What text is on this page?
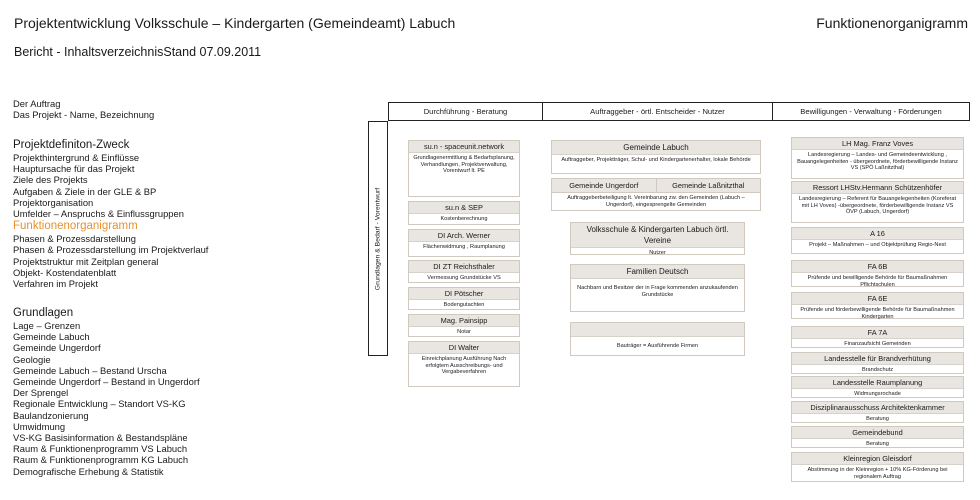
Projektentwicklung Volksschule – Kindergarten (Gemeindeamt) Labuch	Funktionenorganigramm
Bericht - InhaltsverzeichnisStand 07.09.2011
Der Auftrag
Das Projekt - Name, Bezeichnung
Projektdefiniton-Zweck
Projekthintergrund & Einflüsse
Hauptursache für das Projekt
Ziele des Projekts
Aufgaben & Ziele in der GLE & BP
Projektorganisation
Umfelder – Anspruchs & Einflussgruppen
Funktionenorganigramm
Phasen & Prozessdarstellung
Phasen & Prozessdarstellung im Projektverlauf
Projektstruktur mit Zeitplan general
Objekt- Kostendatenblatt
Verfahren im Projekt
Grundlagen
Lage – Grenzen
Gemeinde Labuch
Gemeinde Ungerdorf
Geologie
Gemeinde Labuch – Bestand Urscha
Gemeinde Ungerdorf – Bestand in Ungerdorf
Der Sprengel
Regionale Entwicklung – Standort VS-KG
Baulandzonierung
Umwidmung
VS-KG Basisinformation & Bestandspläne
Raum & Funktionenprogramm VS Labuch
Raum & Funktionenprogramm KG Labuch
Demografische Erhebung & Statistik
Durchführung - Beratung	Auftraggeber - örtl. Entscheider - Nutzer	Bewilligungen - Verwaltung - Förderungen
Grundlagen & Bedarf - Vorentwurf
su.n - spaceunit.network
Grundlagenermittlung & Bedarfsplanung, Verhandlungen, Projektverwaltung, Vorentwurf lt. PE
su.n & SEP
Kostenberechnung
DI Arch. Werner
Flächenwidmung , Raumplanung
DI ZT Reichsthaler
Vermessung Grundstücke VS
DI Pötscher
Bodengutachten
Mag. Painsipp
Notar
DI Walter
Einreichplanung Ausführung Nach erfolgtem Ausschreibungs- und Vergabeverfahren
Gemeinde Labuch
Auftraggeber, Projektträger, Schul- und Kindergartenerhalter, lokale Behörde
Gemeinde Ungerdorf	Gemeinde Laßnitzthal
Auftraggeberbeteiligung lt. Vereinbarung zw. den Gemeinden (Labuch – Ungerdorf), eingesprengelte Gemeinden
Volksschule & Kindergarten Labuch örtl. Vereine
Nutzer
Familien Deutsch
Nachbarn und Besitzer der in Frage kommenden anzukaufenden Grundstücke
Bauträger = Ausführende Firmen
LH Mag. Franz Voves
Landesregierung – Landes- und Gemeindeentwicklung , Bauangelegenheiten - übergeordnete, förderbewilligende Instanz VS (SPÖ Laßnitzthal)
Ressort LHStv.Hermann Schützenhöfer
Landesregierung – Referent für Bauangelegenheiten (Koreferat mit LH Voves) -übergeordnete, förderbewilligende Instanz VS ÖVP (Labuch, Ungerdorf)
A 16
Projekt – Maßnahmen – und Objektprüfung Regio-Nest
FA 6B
Prüfende und bewilligende Behörde für Baumaßnahmen Pflichtschulen
FA 6E
Prüfende und förderbewilligende Behörde für Baumaßnahmen Kindergarten
FA 7A
Finanzaufsicht Gemeinden
Landesstelle für Brandverhütung
Brandschutz
Landesstelle Raumplanung
Widmungsrochade
Disziplinarausschuss Architektenkammer
Beratung
Gemeindebund
Beratung
Kleinregion Gleisdorf
Abstimmung in der Kleinregion + 10% KG-Förderung bei regionalem Auftrag
